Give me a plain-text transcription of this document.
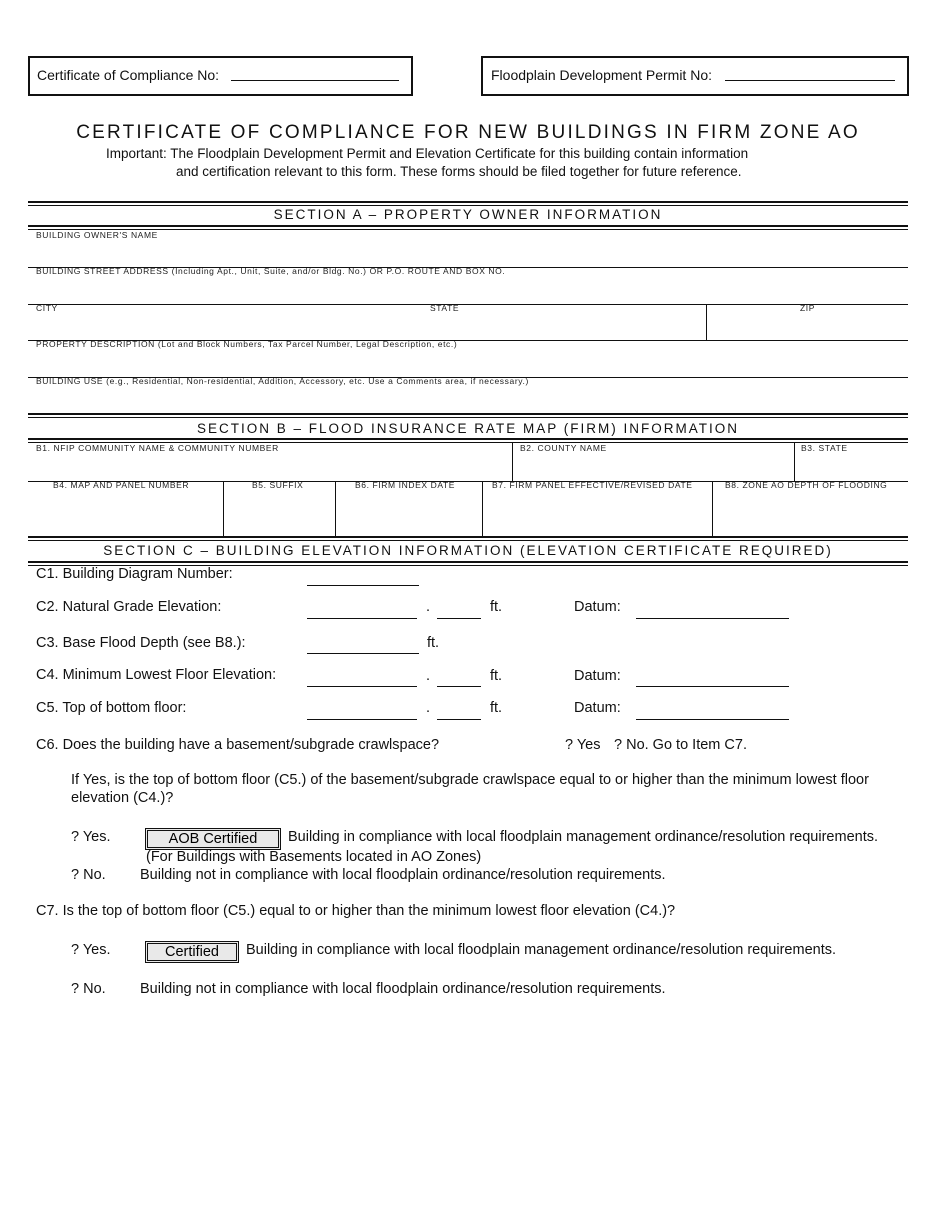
Certificate of Compliance No:	Floodplain Development Permit No:
CERTIFICATE OF COMPLIANCE FOR NEW BUILDINGS IN FIRM ZONE AO
Important: The Floodplain Development Permit and Elevation Certificate for this building contain information
and certification relevant to this form. These forms should be filed together for future reference.
SECTION A – PROPERTY OWNER INFORMATION
BUILDING OWNER'S NAME
BUILDING STREET ADDRESS (Including Apt., Unit, Suite, and/or Bldg. No.) OR P.O. ROUTE AND BOX NO.
CITY	STATE	ZIP
PROPERTY DESCRIPTION (Lot and Block Numbers, Tax Parcel Number, Legal Description, etc.)
BUILDING USE (e.g., Residential, Non-residential, Addition, Accessory, etc. Use a Comments area, if necessary.)
SECTION B – FLOOD INSURANCE RATE MAP (FIRM) INFORMATION
B1. NFIP COMMUNITY NAME & COMMUNITY NUMBER	B2. COUNTY NAME	B3. STATE
B4. MAP AND PANEL NUMBER	B5. SUFFIX	B6. FIRM INDEX DATE	B7. FIRM PANEL EFFECTIVE/REVISED DATE	B8. ZONE AO DEPTH OF FLOODING
SECTION C – BUILDING ELEVATION INFORMATION (ELEVATION CERTIFICATE REQUIRED)
C1. Building Diagram Number:
C2. Natural Grade Elevation:	.	ft.	Datum:
C3. Base Flood Depth (see B8.):	ft.
C4. Minimum Lowest Floor Elevation:	.	ft.	Datum:
C5. Top of bottom floor:	.	ft.	Datum:
C6. Does the building have a basement/subgrade crawlspace?	? Yes ? No. Go to Item C7.
If Yes, is the top of bottom floor (C5.) of the basement/subgrade crawlspace equal to or higher than the minimum lowest floor
elevation (C4.)?
? Yes.	AOB Certified	Building in compliance with local floodplain management ordinance/resolution requirements.
(For Buildings with Basements located in AO Zones)
? No. Building not in compliance with local floodplain ordinance/resolution requirements.
C7. Is the top of bottom floor (C5.) equal to or higher than the minimum lowest floor elevation (C4.)?
? Yes.	Certified	Building in compliance with local floodplain management ordinance/resolution requirements.
? No. Building not in compliance with local floodplain ordinance/resolution requirements.
